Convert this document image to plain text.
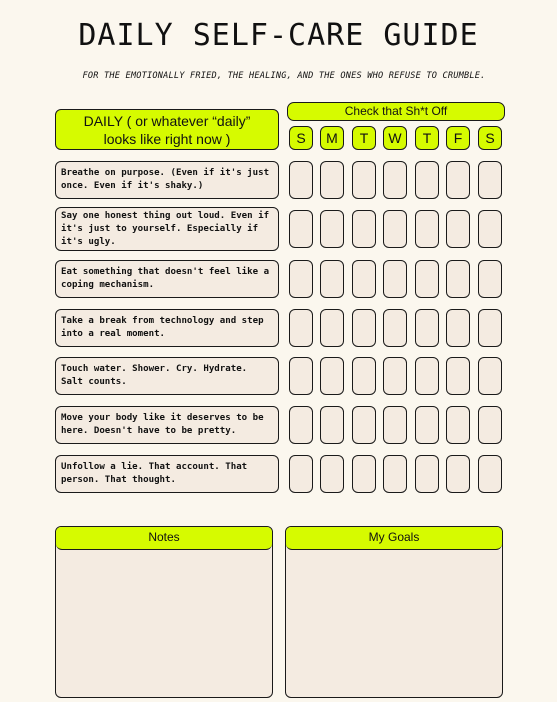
DAILY SELF-CARE GUIDE
FOR THE EMOTIONALLY FRIED, THE HEALING, AND THE ONES WHO REFUSE TO CRUMBLE.
DAILY ( or whatever “daily” looks like right now )
Check that Sh*t Off
S	M	T	W	T	F	S
Breathe on purpose. (Even if it's just once. Even if it's shaky.)
Say one honest thing out loud. Even if it's just to yourself. Especially if it's ugly.
Eat something that doesn't feel like a coping mechanism.
Take a break from technology and step into a real moment.
Touch water. Shower. Cry. Hydrate. Salt counts.
Move your body like it deserves to be here. Doesn't have to be pretty.
Unfollow a lie. That account. That person. That thought.
Notes	My Goals
